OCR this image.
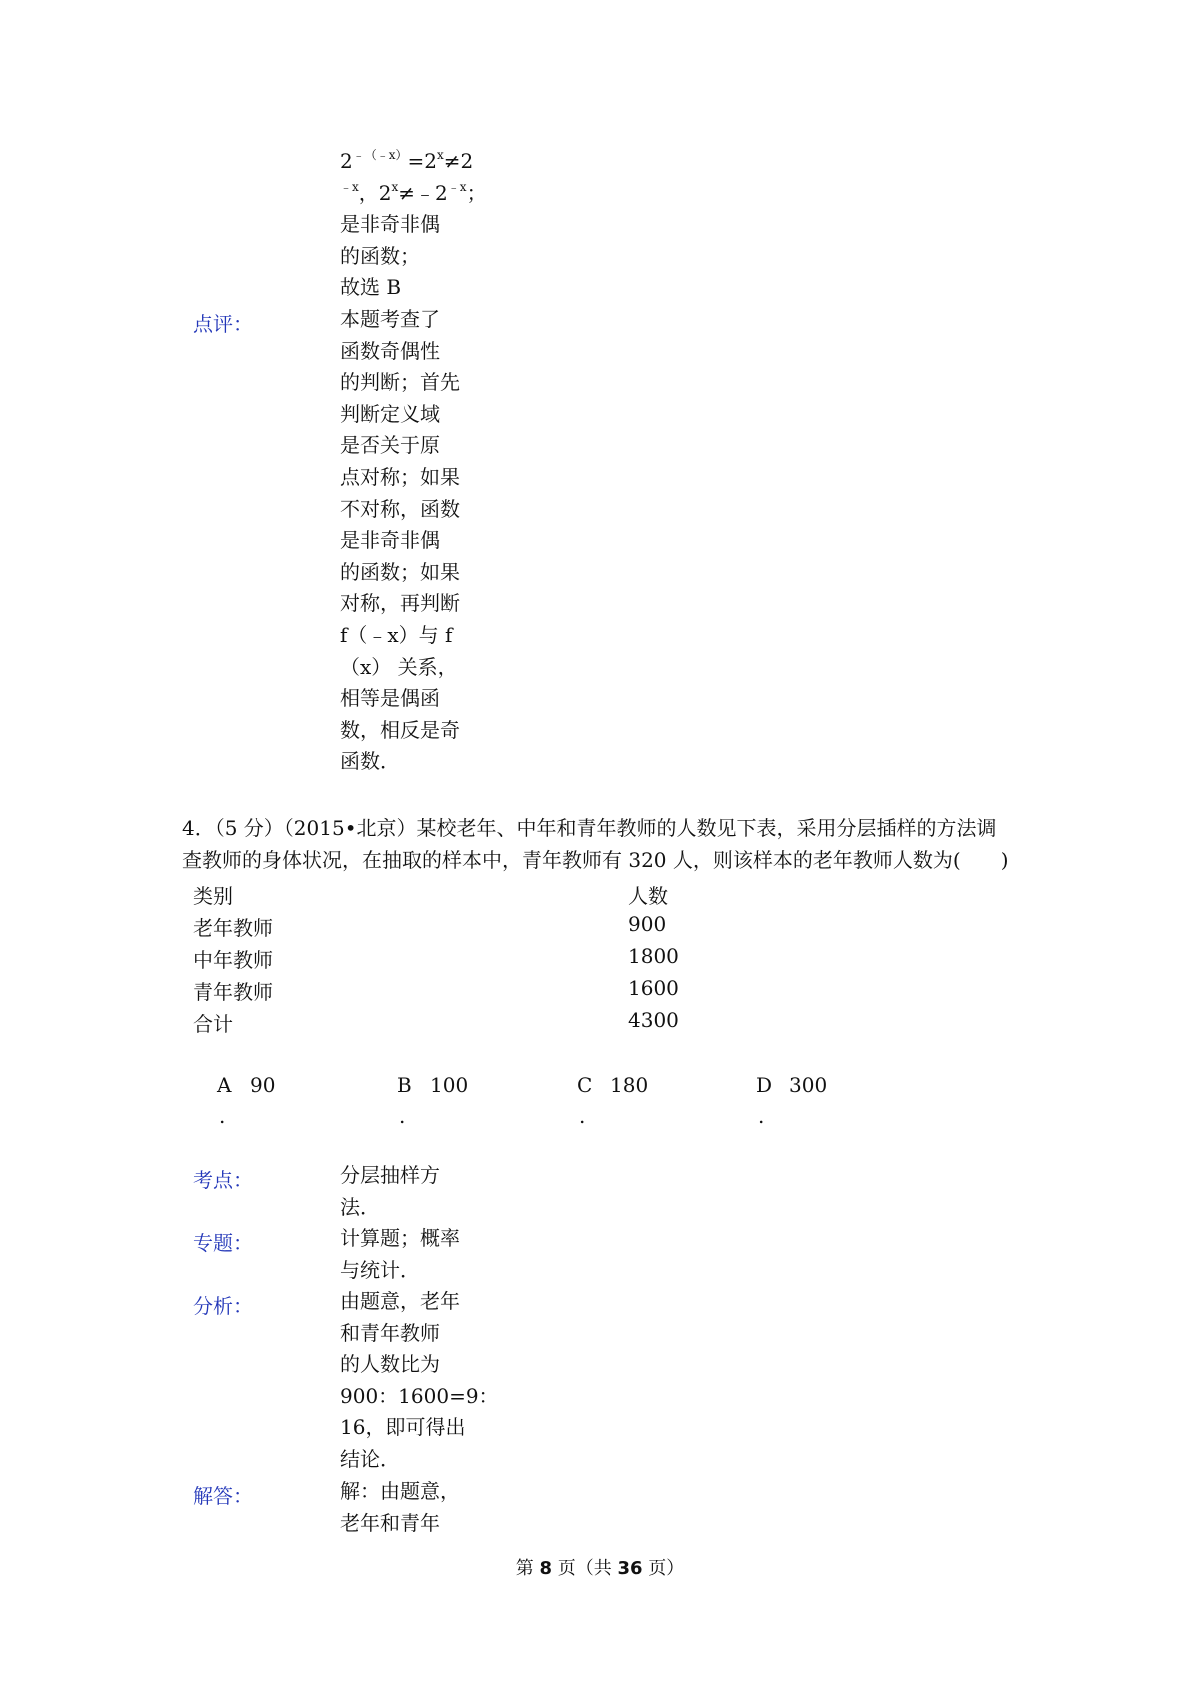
$2^{﹣(﹣x)}=2^x\ne 2$
$^{﹣x}$，$2^x\ne﹣2^{﹣x}$；
是非奇非偶
的函数；
故选 B
点评：	本题考查了
函数奇偶性
的判断；首先
判断定义域
是否关于原
点对称；如果
不对称，函数
是非奇非偶
的函数；如果
对称，再判断
f（﹣x）与 f
（x） 关系，
相等是偶函
数，相反是奇
函数．
4．（5 分）（2015•北京）某校老年、中年和青年教师的人数见下表，采用分层插样的方法调
查教师的身体状况，在抽取的样本中，青年教师有 320 人，则该样本的老年教师人数为(　　)
类别	人数
老年教师	900
中年教师	1800
青年教师	1600
合计	4300
A 90
.
B 100
.
C 180
.
D 300
.
考点：	分层抽样方
法．
专题：	计算题；概率
与统计．
分析：	由题意，老年
和青年教师
的人数比为
900：1600=9：
16，即可得出
结论．
解答：	解：由题意，
老年和青年
第 8 页（共 36 页）
